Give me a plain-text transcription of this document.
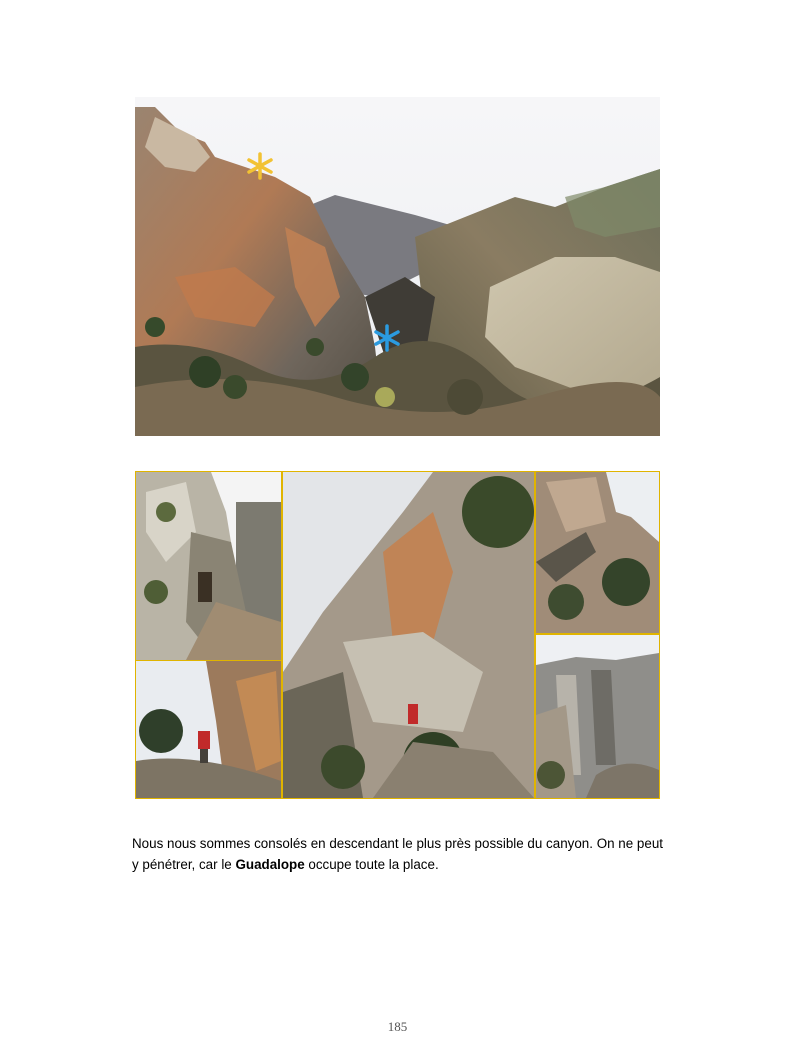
Nous nous sommes consolés en descendant le plus près possible du canyon. On ne peut y pénétrer, car le Guadalope occupe toute la place.
185
